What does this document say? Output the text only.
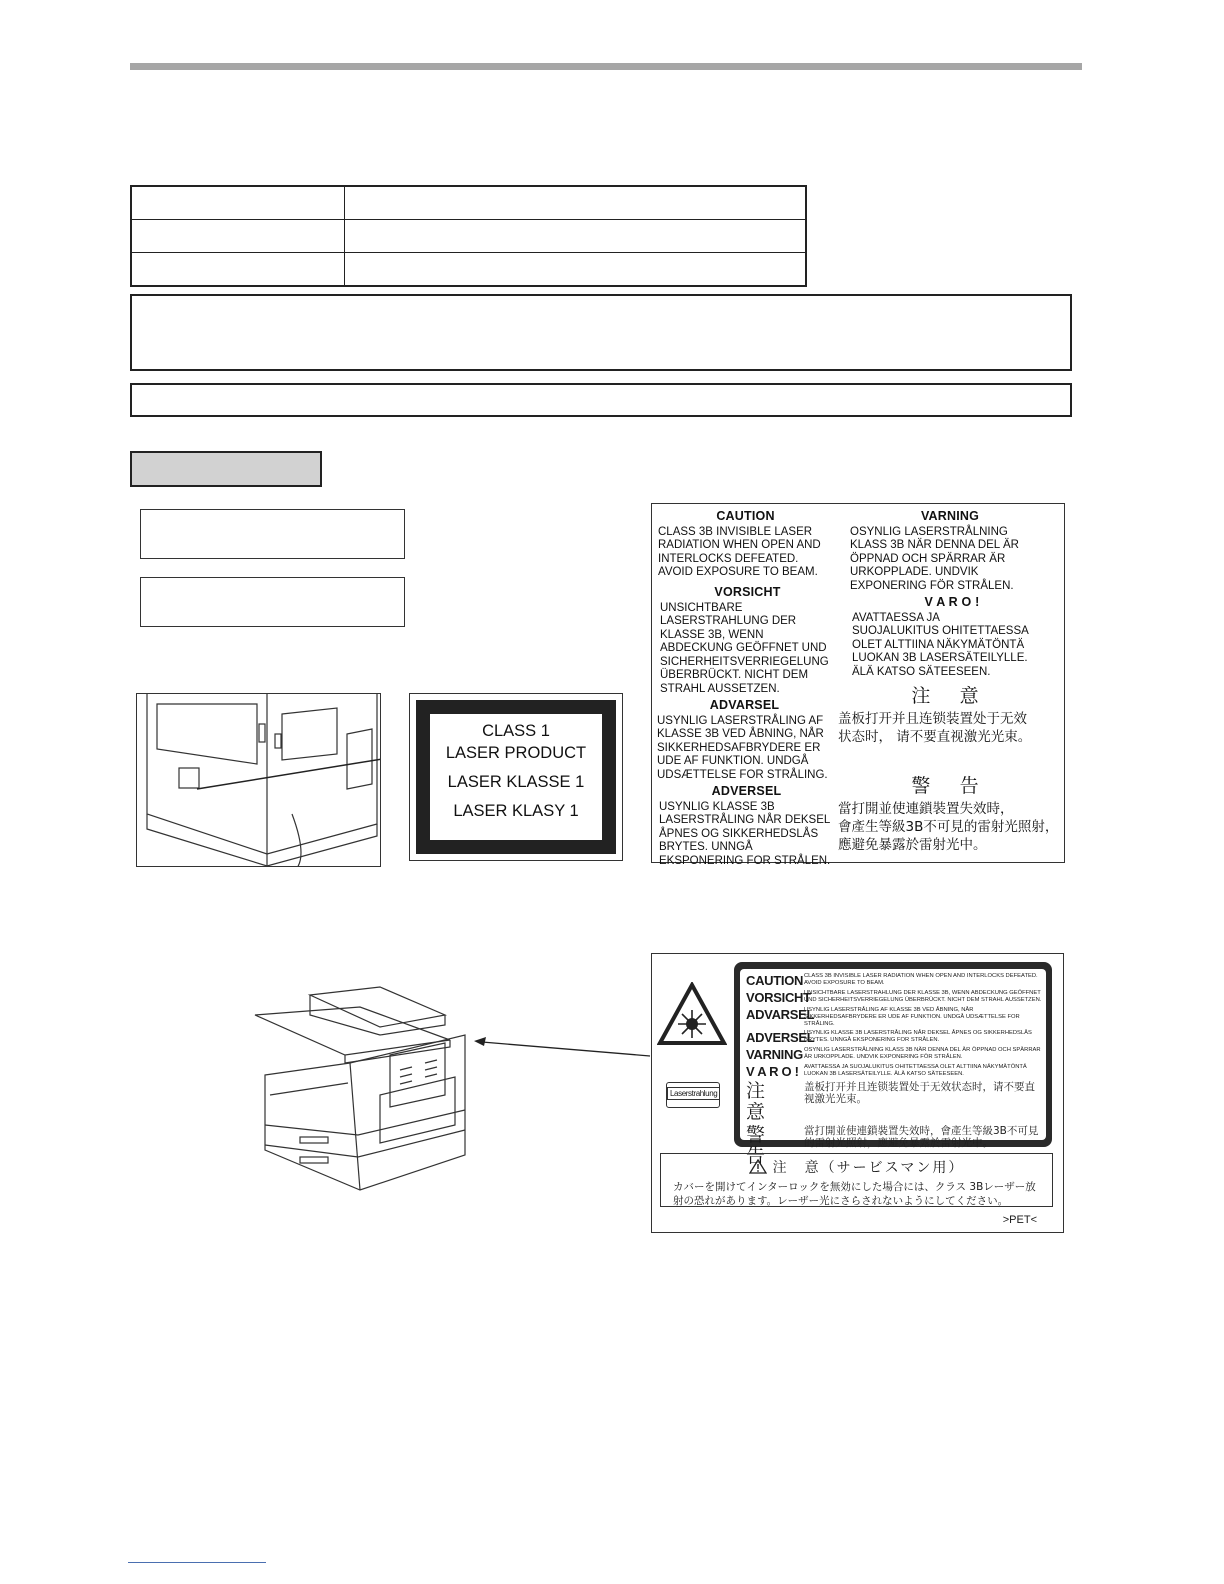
CLASS 1
LASER PRODUCT
LASER KLASSE 1
LASER KLASY 1
CAUTION

CLASS 3B INVISIBLE LASER
RADIATION WHEN OPEN AND
INTERLOCKS DEFEATED.
AVOID EXPOSURE TO BEAM.

VORSICHT

UNSICHTBARE
LASERSTRAHLUNG DER
KLASSE 3B, WENN
ABDECKUNG GEÖFFNET UND
SICHERHEITSVERRIEGELUNG
ÜBERBRÜCKT. NICHT DEM
STRAHL AUSSETZEN.

ADVARSEL

USYNLIG LASERSTRÅLING AF
KLASSE 3B VED ÅBNING, NÅR
SIKKERHEDSAFBRYDERE ER
UDE AF FUNKTION. UNDGÅ
UDSÆTTELSE FOR STRÅLING.

ADVERSEL

USYNLIG KLASSE 3B
LASERSTRÅLING NÅR DEKSEL
ÅPNES OG SIKKERHEDSLÅS
BRYTES. UNNGÅ
EKSPONERING FOR STRÅLEN.

VARNING

OSYNLIG LASERSTRÅLNING
KLASS 3B NÄR DENNA DEL ÄR
ÖPPNAD OCH SPÄRRAR ÄR
URKOPPLADE. UNDVIK
EXPONERING FÖR STRÅLEN.

V A R O !

AVATTAESSA JA
SUOJALUKITUS OHITETTAESSA
OLET ALTTIINA NÄKYMÄTÖNTÄ
LUOKAN 3B LASERSÄTEILYLLE.
ÄLÄ KATSO SÄTEESEEN.

注 意

盖板打开并且连锁装置处于无效
状态时， 请不要直视激光光束。

警 告

當打開並使連鎖裝置失效時，
會產生等級3B不可見的雷射光照射，
應避免暴露於雷射光中。

Laserstrahlung
CAUTION CLASS 3B INVISIBLE LASER RADIATION WHEN OPEN AND INTERLOCKS DEFEATED. AVOID EXPOSURE TO BEAM.
VORSICHT
UNSICHTBARE LASERSTRAHLUNG DER KLASSE 3B, WENN ABDECKUNG GEÖFFNET UND SICHERHEITSVERRIEGELUNG ÜBERBRÜCKT. NICHT DEM STRAHL AUSSETZEN.
ADVARSEL
USYNLIG LASERSTRÅLING AF KLASSE 3B VED ÅBNING, NÅR SIKKERHEDSAFBRYDERE ER UDE AF FUNKTION. UNDGÅ UDSÆTTELSE FOR STRÅLING.
ADVERSEL
USYNLIG KLASSE 3B LASERSTRÅLING NÅR DEKSEL ÅPNES OG SIKKERHEDSLÅS BRYTES. UNNGÅ EKSPONERING FOR STRÅLEN.
VARNING OSYNLIG LASERSTRÅLNING KLASS 3B NÄR DENNA DEL ÄR ÖPPNAD OCH SPÄRRAR ÄR URKOPPLADE. UNDVIK EXPONERING FÖR STRÅLEN.
V A R O ! AVATTAESSA JA SUOJALUKITUS OHITETTAESSA OLET ALTTIINA NÄKYMÄTÖNTÄ LUOKAN 3B LASERSÄTEILYLLE. ÄLÄ KATSO SÄTEESEEN.
注 意
盖板打开并且连锁装置处于无效状态时，请不要直视激光光束。
警 告
當打開並使連鎖裝置失效時，會產生等級3B不可見的雷射光照射，應避免暴露於雷射光中。
注　意（サービスマン用）
カバーを開けてインターロックを無効にした場合には、クラス 3Bレーザー放射の恐れがあります。レーザー光にさらされないようにしてください。
>PET<
